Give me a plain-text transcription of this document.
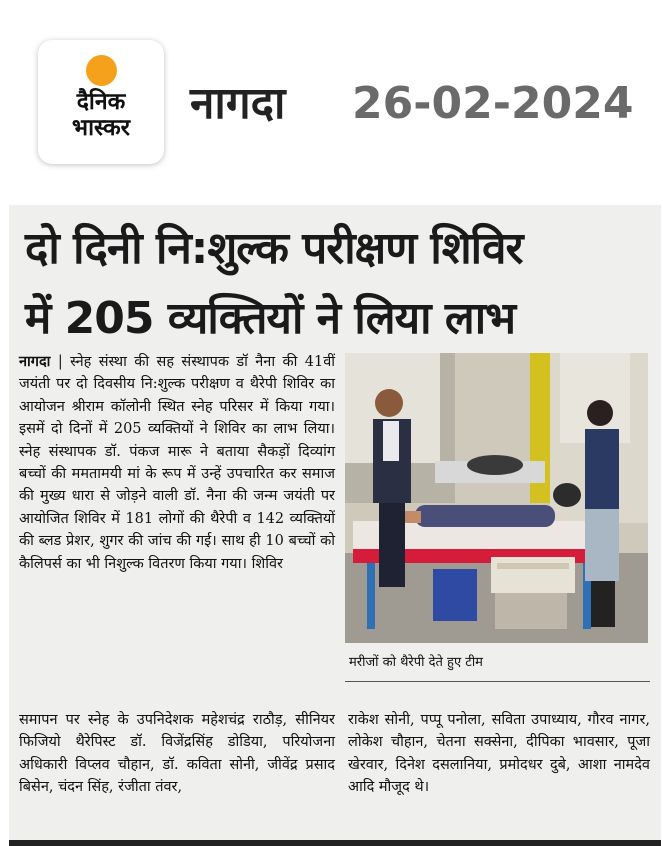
दैनिक
भास्कर	नागदा 26-02-2024
दो दिनी नि:शुल्क परीक्षण शिविर
में 205 व्यक्तियों ने लिया लाभ
नागदा | स्नेह संस्था की सह संस्थापक डॉ नैना की 41वीं जयंती पर दो दिवसीय नि:शुल्क परीक्षण व थैरेपी शिविर का आयोजन श्रीराम कॉलोनी स्थित स्नेह परिसर में किया गया। इसमें दो दिनों में 205 व्यक्तियों ने शिविर का लाभ लिया। स्नेह संस्थापक डॉ. पंकज मारू ने बताया सैकड़ों दिव्यांग बच्चों की ममतामयी मां के रूप में उन्हें उपचारित कर समाज की मुख्य धारा से जोड़ने वाली डॉ. नैना की जन्म जयंती पर आयोजित शिविर में 181 लोगों की थैरेपी व 142 व्यक्तियों की ब्लड प्रेशर, शुगर की जांच की गई। साथ ही 10 बच्चों को कैलिपर्स का भी निशुल्क वितरण किया गया। शिविर
मरीजों को थैरेपी देते हुए टीम
समापन पर स्नेह के उपनिदेशक महेशचंद्र राठौड़, सीनियर फिजियो थैरेपिस्ट डॉ. विजेंद्रसिंह डोडिया, परियोजना अधिकारी विप्लव चौहान, डॉ. कविता सोनी, जीवेंद्र प्रसाद बिसेन, चंदन सिंह, रंजीता तंवर,
राकेश सोनी, पप्पू पनोला, सविता उपाध्याय, गौरव नागर, लोकेश चौहान, चेतना सक्सेना, दीपिका भावसार, पूजा खेरवार, दिनेश दसलानिया, प्रमोदधर दुबे, आशा नामदेव आदि मौजूद थे।
